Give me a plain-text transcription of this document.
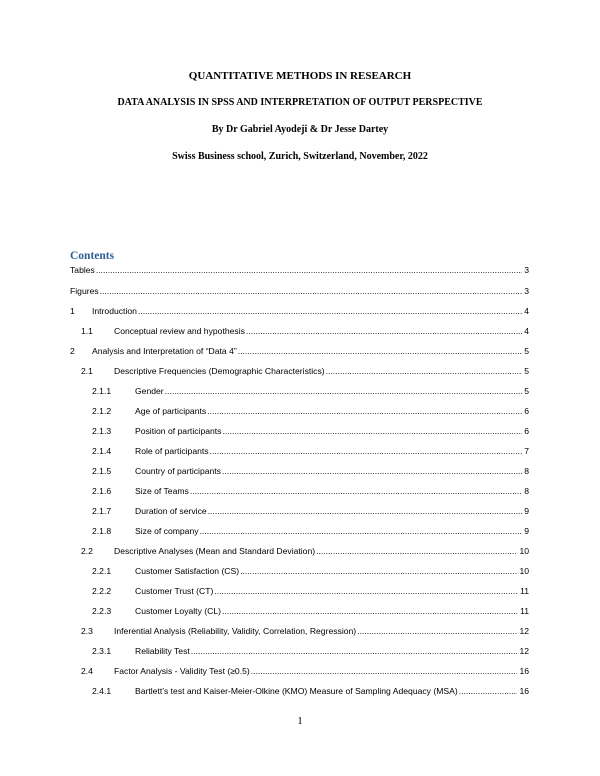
QUANTITATIVE METHODS IN RESEARCH
DATA ANALYSIS IN SPSS AND INTERPRETATION OF OUTPUT PERSPECTIVE
By Dr Gabriel Ayodeji & Dr Jesse Dartey
Swiss Business school, Zurich, Switzerland, November, 2022
Contents
Tables .....	3
Figures .....	3
1	Introduction .....	4
1.1	Conceptual review and hypothesis .....	4
2	Analysis and Interpretation of “Data 4” .....	5
2.1	Descriptive Frequencies (Demographic Characteristics) .....	5
2.1.1	Gender .....	5
2.1.2	Age of participants .....	6
2.1.3	Position of participants .....	6
2.1.4	Role of participants .....	7
2.1.5	Country of participants .....	8
2.1.6	Size of Teams .....	8
2.1.7	Duration of service .....	9
2.1.8	Size of company .....	9
2.2	Descriptive Analyses (Mean and Standard Deviation) .....	10
2.2.1	Customer Satisfaction (CS) .....	10
2.2.2	Customer Trust (CT) .....	11
2.2.3	Customer Loyalty (CL) .....	11
2.3	Inferential Analysis (Reliability, Validity, Correlation, Regression) .....	12
2.3.1	Reliability Test .....	12
2.4	Factor Analysis - Validity Test (≥0.5) .....	16
2.4.1	Bartlett’s test and Kaiser-Meier-Olkine (KMO) Measure of Sampling Adequacy (MSA) .....	16
1
